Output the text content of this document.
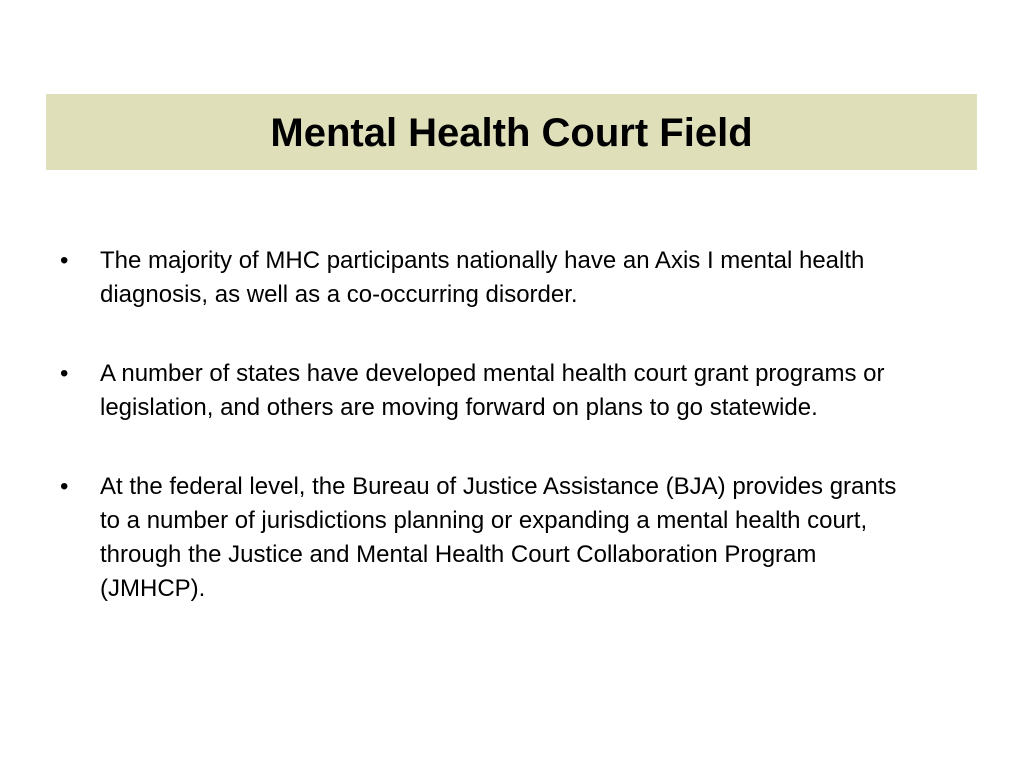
Mental Health Court Field
•	The majority of MHC participants nationally have an Axis I mental health diagnosis, as well as a co-occurring disorder.
•	A number of states have developed mental health court grant programs or legislation, and others are moving forward on plans to go statewide.
•	At the federal level, the Bureau of Justice Assistance (BJA) provides grants to a number of jurisdictions planning or expanding a mental health court, through the Justice and Mental Health Court Collaboration Program (JMHCP).
